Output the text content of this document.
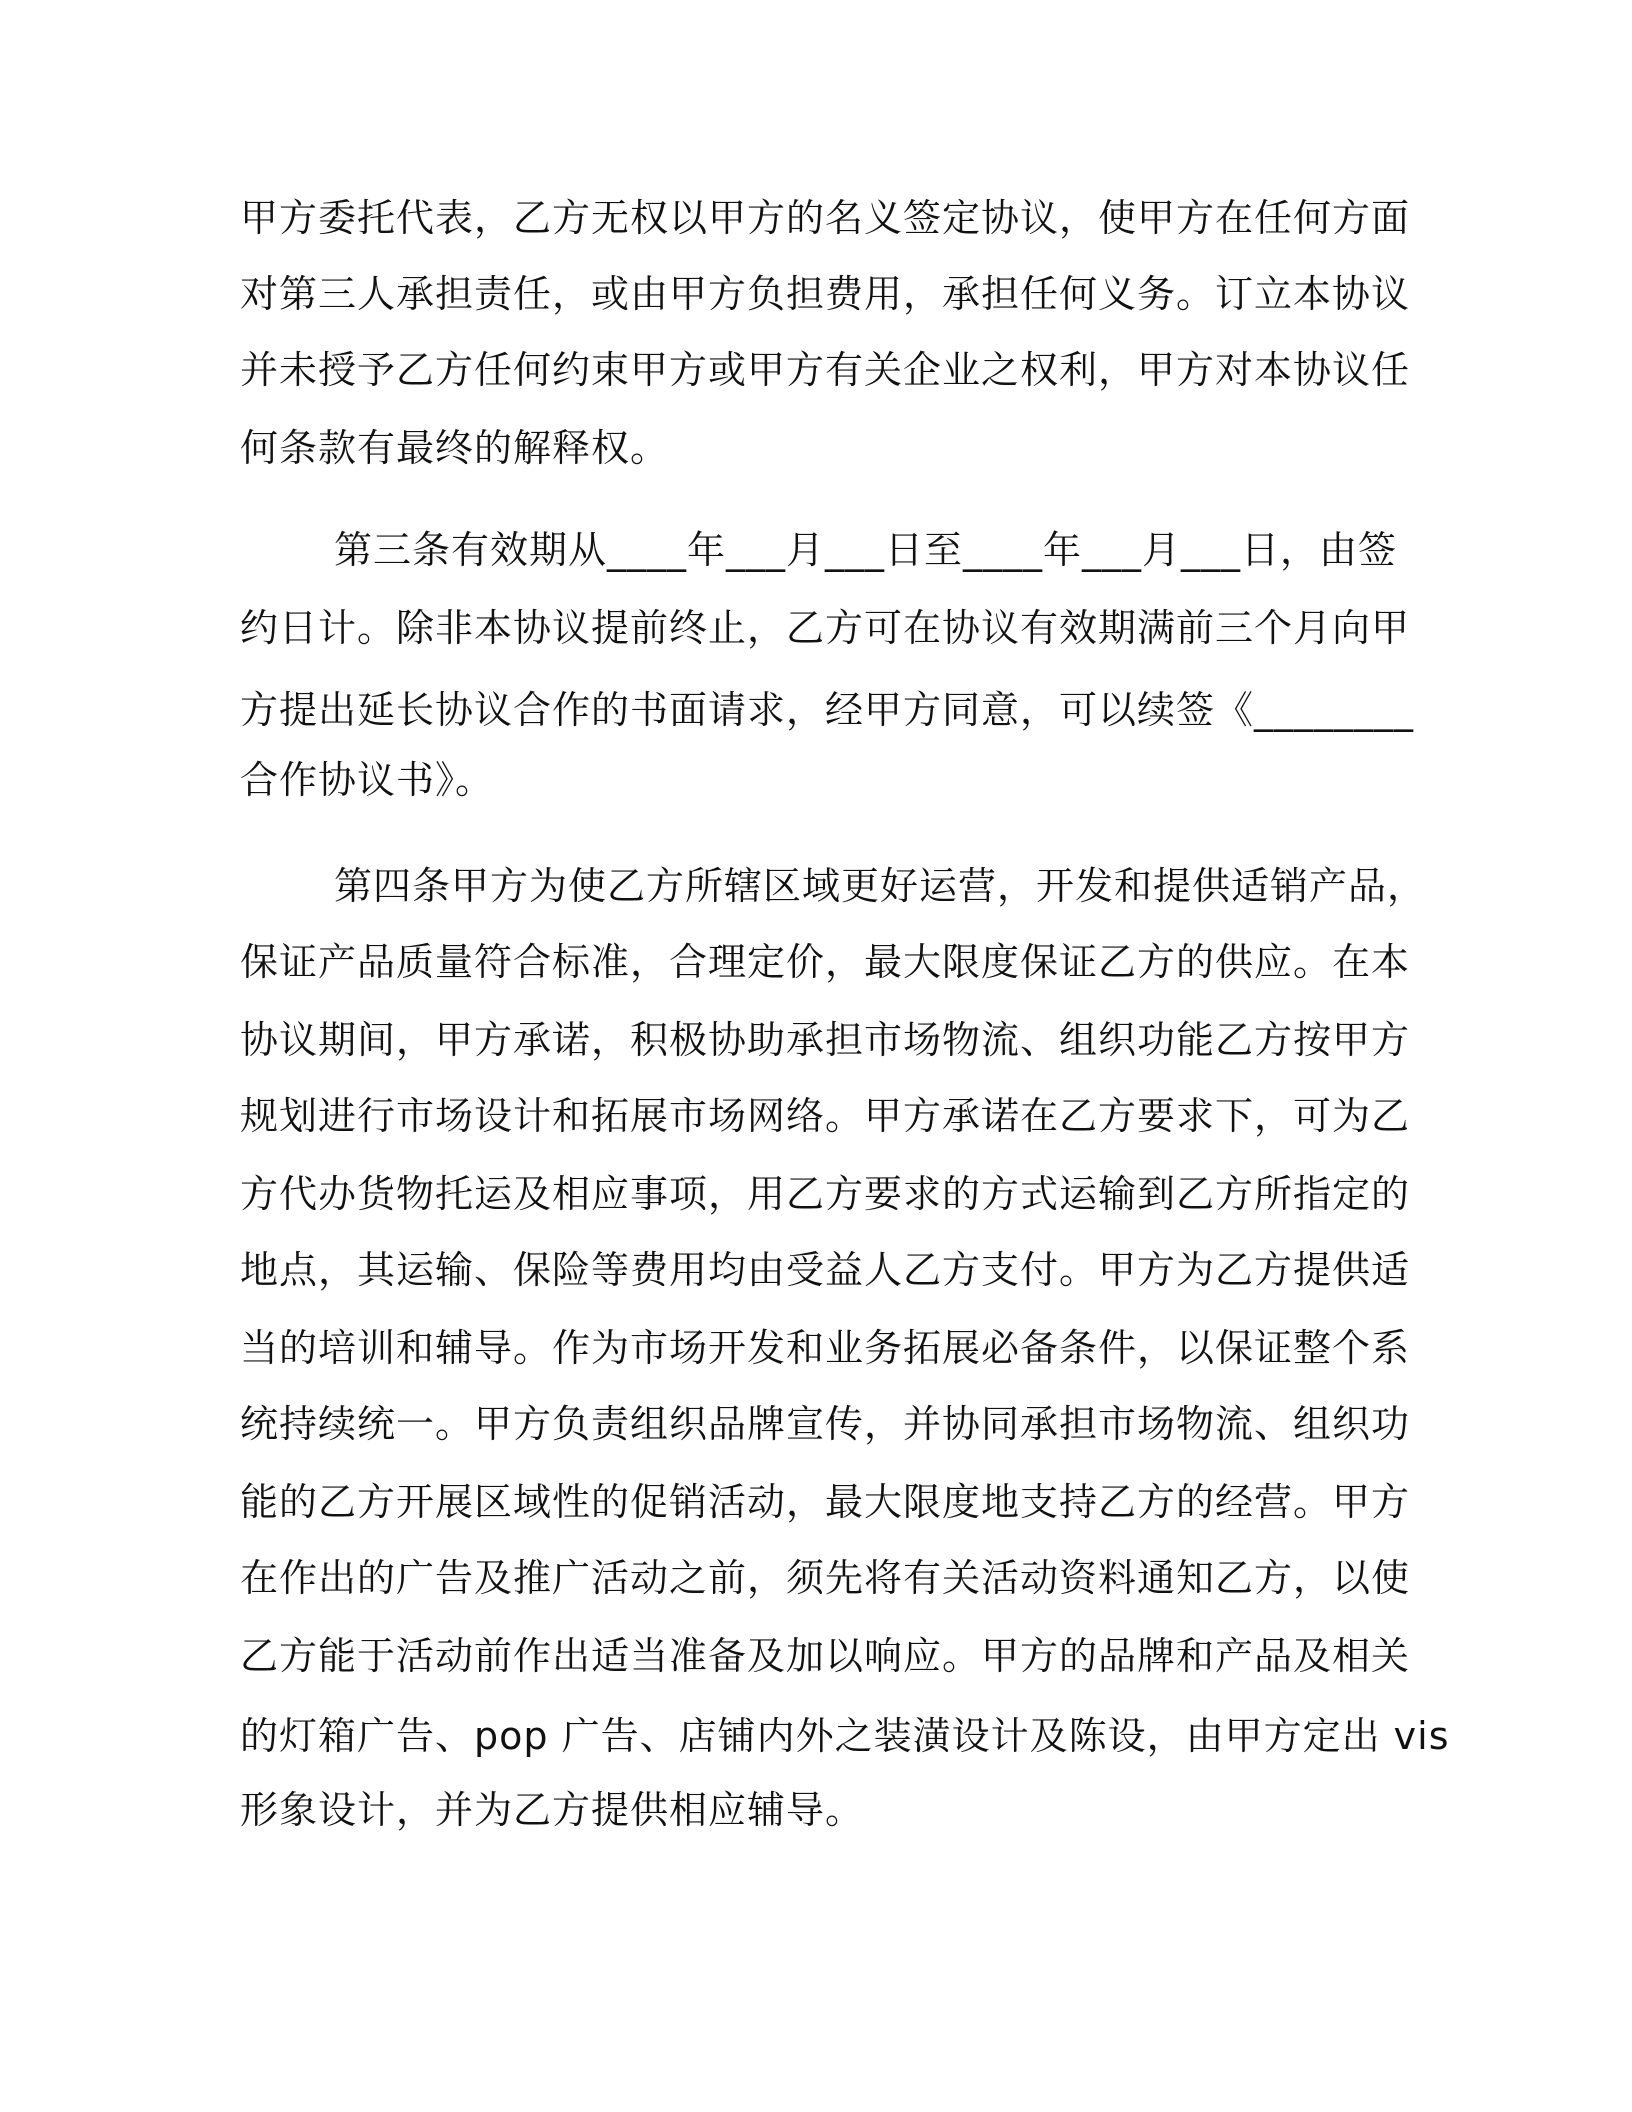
甲方委托代表，乙方无权以甲方的名义签定协议，使甲方在任何方面
对第三人承担责任，或由甲方负担费用，承担任何义务。订立本协议
并未授予乙方任何约束甲方或甲方有关企业之权利，甲方对本协议任
何条款有最终的解释权。
第三条有效期从____年___月___日至____年___月___日，由签
约日计。除非本协议提前终止，乙方可在协议有效期满前三个月向甲
方提出延长协议合作的书面请求，经甲方同意，可以续签《________
合作协议书》。
第四条甲方为使乙方所辖区域更好运营，开发和提供适销产品，
保证产品质量符合标准，合理定价，最大限度保证乙方的供应。在本
协议期间，甲方承诺，积极协助承担市场物流、组织功能乙方按甲方
规划进行市场设计和拓展市场网络。甲方承诺在乙方要求下，可为乙
方代办货物托运及相应事项，用乙方要求的方式运输到乙方所指定的
地点，其运输、保险等费用均由受益人乙方支付。甲方为乙方提供适
当的培训和辅导。作为市场开发和业务拓展必备条件，以保证整个系
统持续统一。甲方负责组织品牌宣传，并协同承担市场物流、组织功
能的乙方开展区域性的促销活动，最大限度地支持乙方的经营。甲方
在作出的广告及推广活动之前，须先将有关活动资料通知乙方，以使
乙方能于活动前作出适当准备及加以响应。甲方的品牌和产品及相关
的灯箱广告、pop 广告、店铺内外之装潢设计及陈设，由甲方定出 vis
形象设计，并为乙方提供相应辅导。
